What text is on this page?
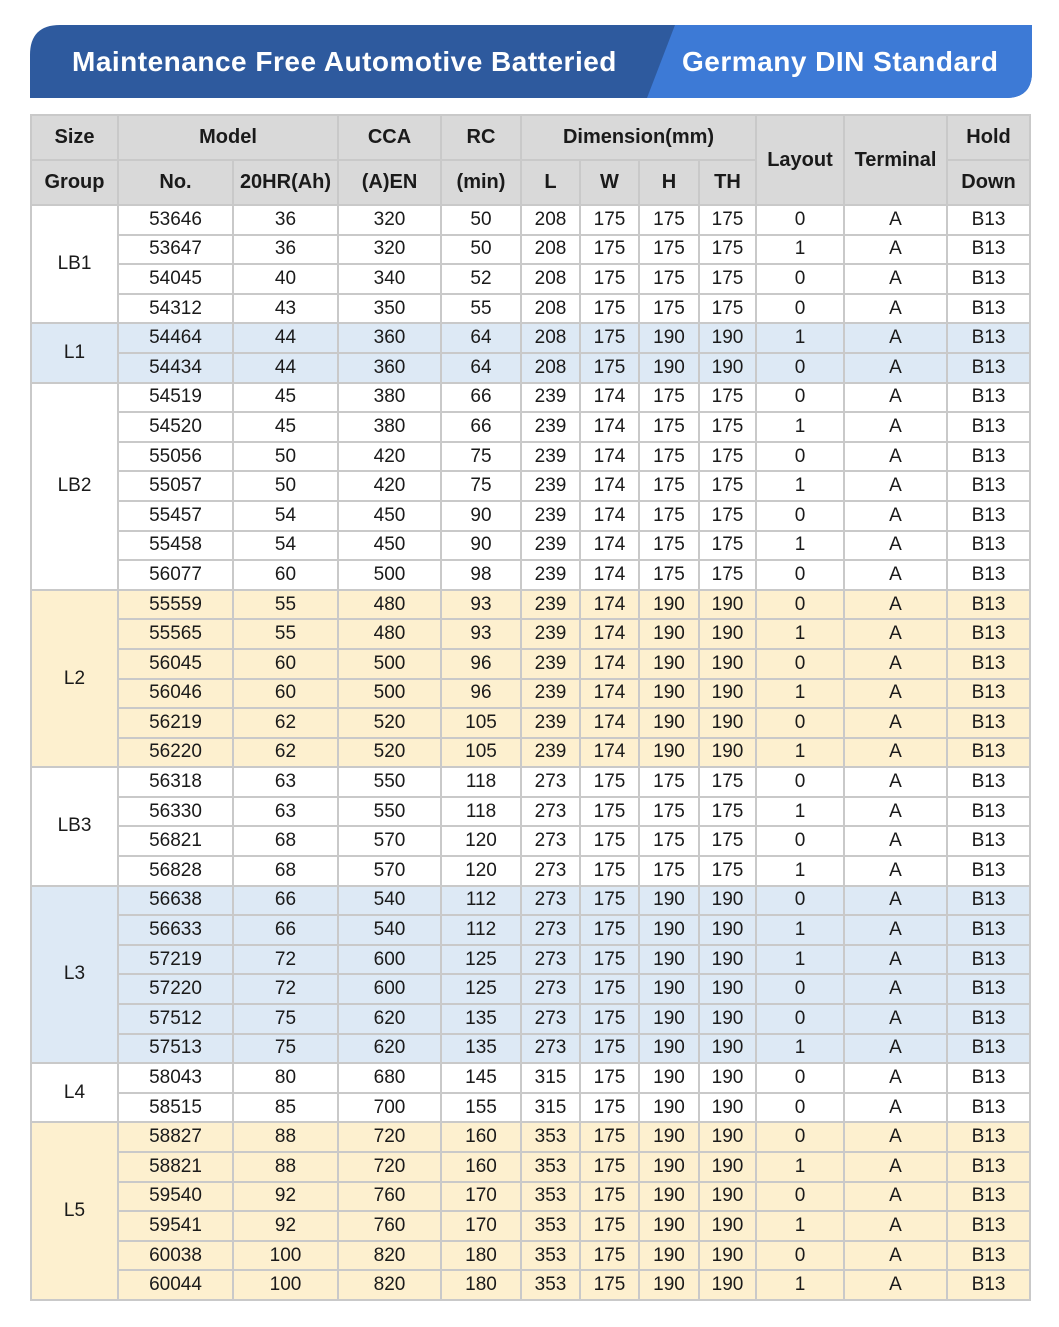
Maintenance Free Automotive Batteried Germany DIN Standard
Size	Model		CCA	RC	Dimension(mm)				Layout	Terminal	Hold
Group	No.	20HR(Ah)	(A)EN	(min)	L	W	H	TH			Down
LB1	53646	36	320	50	208	175	175	175	0	A	B13
	53647	36	320	50	208	175	175	175	1	A	B13
	54045	40	340	52	208	175	175	175	0	A	B13
	54312	43	350	55	208	175	175	175	0	A	B13
L1	54464	44	360	64	208	175	190	190	1	A	B13
	54434	44	360	64	208	175	190	190	0	A	B13
LB2	54519	45	380	66	239	174	175	175	0	A	B13
	54520	45	380	66	239	174	175	175	1	A	B13
	55056	50	420	75	239	174	175	175	0	A	B13
	55057	50	420	75	239	174	175	175	1	A	B13
	55457	54	450	90	239	174	175	175	0	A	B13
	55458	54	450	90	239	174	175	175	1	A	B13
	56077	60	500	98	239	174	175	175	0	A	B13
L2	55559	55	480	93	239	174	190	190	0	A	B13
	55565	55	480	93	239	174	190	190	1	A	B13
	56045	60	500	96	239	174	190	190	0	A	B13
	56046	60	500	96	239	174	190	190	1	A	B13
	56219	62	520	105	239	174	190	190	0	A	B13
	56220	62	520	105	239	174	190	190	1	A	B13
LB3	56318	63	550	118	273	175	175	175	0	A	B13
	56330	63	550	118	273	175	175	175	1	A	B13
	56821	68	570	120	273	175	175	175	0	A	B13
	56828	68	570	120	273	175	175	175	1	A	B13
L3	56638	66	540	112	273	175	190	190	0	A	B13
	56633	66	540	112	273	175	190	190	1	A	B13
	57219	72	600	125	273	175	190	190	1	A	B13
	57220	72	600	125	273	175	190	190	0	A	B13
	57512	75	620	135	273	175	190	190	0	A	B13
	57513	75	620	135	273	175	190	190	1	A	B13
L4	58043	80	680	145	315	175	190	190	0	A	B13
	58515	85	700	155	315	175	190	190	0	A	B13
L5	58827	88	720	160	353	175	190	190	0	A	B13
	58821	88	720	160	353	175	190	190	1	A	B13
	59540	92	760	170	353	175	190	190	0	A	B13
	59541	92	760	170	353	175	190	190	1	A	B13
	60038	100	820	180	353	175	190	190	0	A	B13
	60044	100	820	180	353	175	190	190	1	A	B13
